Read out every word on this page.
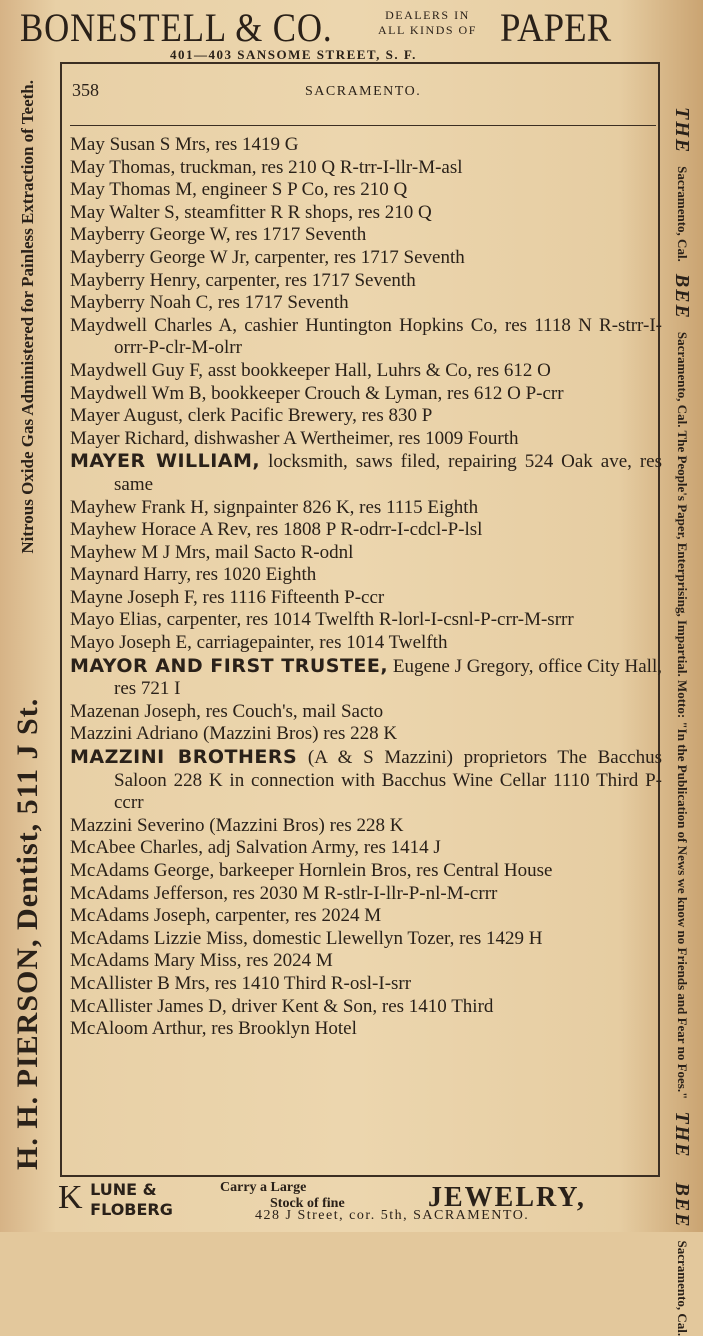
BONESTELL & CO.	DEALERS IN
ALL KINDS OF PAPER
401—403 SANSOME STREET, S. F.
H. H. PIERSON, Dentist, 511 J St.
Nitrous Oxide Gas Administered for Painless Extraction of Teeth.	THE
Sacramento, Cal.
BEE
Sacramento, Cal. The People's Paper, Enterprising, Impartial. Motto: "In the Publication of News we know no Friends and Fear no Foes."
THE
BEE
Sacramento, Cal.
358	SACRAMENTO.
May Susan S Mrs, res 1419 G
May Thomas, truckman, res 210 Q R-trr-I-llr-M-asl
May Thomas M, engineer S P Co, res 210 Q
May Walter S, steamfitter R R shops, res 210 Q
Mayberry George W, res 1717 Seventh
Mayberry George W Jr, carpenter, res 1717 Seventh
Mayberry Henry, carpenter, res 1717 Seventh
Mayberry Noah C, res 1717 Seventh
Maydwell Charles A, cashier Huntington Hopkins Co, res 1118 N R-strr-I-orrr-P-clr-M-olrr
Maydwell Guy F, asst bookkeeper Hall, Luhrs & Co, res 612 O
Maydwell Wm B, bookkeeper Crouch & Lyman, res 612 O P-crr
Mayer August, clerk Pacific Brewery, res 830 P
Mayer Richard, dishwasher A Wertheimer, res 1009 Fourth
MAYER WILLIAM, locksmith, saws filed, repairing 524 Oak ave, res same
Mayhew Frank H, signpainter 826 K, res 1115 Eighth
Mayhew Horace A Rev, res 1808 P R-odrr-I-cdcl-P-lsl
Mayhew M J Mrs, mail Sacto R-odnl
Maynard Harry, res 1020 Eighth
Mayne Joseph F, res 1116 Fifteenth P-ccr
Mayo Elias, carpenter, res 1014 Twelfth R-lorl-I-csnl-P-crr-M-srrr
Mayo Joseph E, carriagepainter, res 1014 Twelfth
MAYOR AND FIRST TRUSTEE, Eugene J Gregory, office City Hall, res 721 I
Mazenan Joseph, res Couch's, mail Sacto
Mazzini Adriano (Mazzini Bros) res 228 K
MAZZINI BROTHERS (A & S Mazzini) proprietors The Bacchus Saloon 228 K in connection with Bacchus Wine Cellar 1110 Third P-ccrr
Mazzini Severino (Mazzini Bros) res 228 K
McAbee Charles, adj Salvation Army, res 1414 J
McAdams George, barkeeper Hornlein Bros, res Central House
McAdams Jefferson, res 2030 M R-stlr-I-llr-P-nl-M-crrr
McAdams Joseph, carpenter, res 2024 M
McAdams Lizzie Miss, domestic Llewellyn Tozer, res 1429 H
McAdams Mary Miss, res 2024 M
McAllister B Mrs, res 1410 Third R-osl-I-srr
McAllister James D, driver Kent & Son, res 1410 Third
McAloom Arthur, res Brooklyn Hotel
K LUNE &
FLOBERG
Carry a Large
Stock of fine	JEWELRY,
428 J Street, cor. 5th, SACRAMENTO.
